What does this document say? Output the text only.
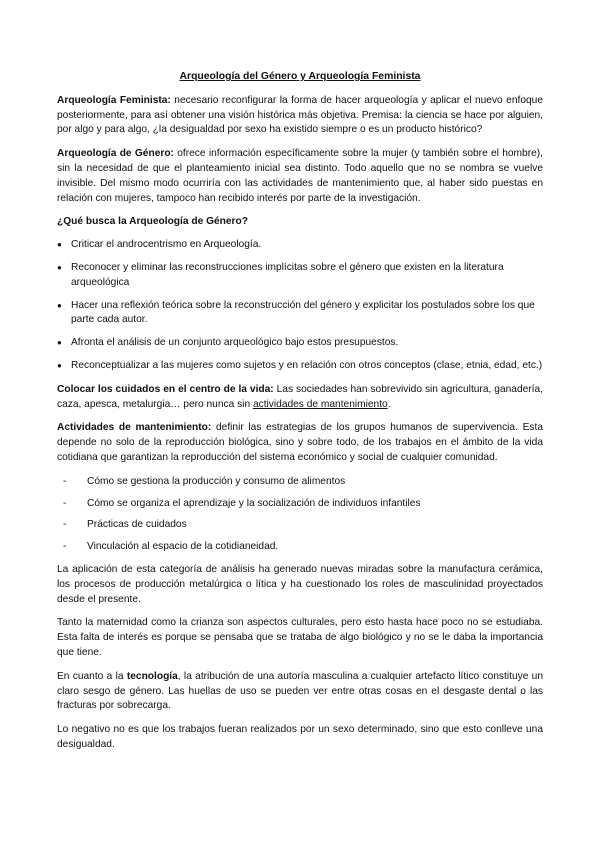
Arqueología del Género y Arqueología Feminista

Arqueología Feminista: necesario reconfigurar la forma de hacer arqueología y aplicar el nuevo enfoque posteriormente, para así obtener una visión histórica más objetiva. Premisa: la ciencia se hace por alguien, por algo y para algo, ¿la desigualdad por sexo ha existido siempre o es un producto histórico?

Arqueología de Género: ofrece información específicamente sobre la mujer (y también sobre el hombre), sin la necesidad de que el planteamiento inicial sea distinto. Todo aquello que no se nombra se vuelve invisible. Del mismo modo ocurriría con las actividades de mantenimiento que, al haber sido puestas en relación con mujeres, tampoco han recibido interés por parte de la investigación.

¿Qué busca la Arqueología de Género?
● Criticar el androcentrismo en Arqueología.
● Reconocer y eliminar las reconstrucciones implícitas sobre el género que existen en la literatura arqueológica
● Hacer una reflexión teórica sobre la reconstrucción del género y explicitar los postulados sobre los que parte cada autor.
● Afronta el análisis de un conjunto arqueológico bajo estos presupuestos.
● Reconceptualizar a las mujeres como sujetos y en relación con otros conceptos (clase, etnia, edad, etc.)

Colocar los cuidados en el centro de la vida: Las sociedades han sobrevivido sin agricultura, ganadería, caza, apesca, metalurgia… pero nunca sin actividades de mantenimiento.

Actividades de mantenimiento: definir las estrategias de los grupos humanos de supervivencia. Esta depende no solo de la reproducción biológica, sino y sobre todo, de los trabajos en el ámbito de la vida cotidiana que garantizan la reproducción del sistema económico y social de cualquier comunidad.

- Cómo se gestiona la producción y consumo de alimentos
- Cómo se organiza el aprendizaje y la socialización de individuos infantiles
- Prácticas de cuidados
- Vinculación al espacio de la cotidianeidad.

La aplicación de esta categoría de análisis ha generado nuevas miradas sobre la manufactura cerámica, los procesos de producción metalúrgica o lítica y ha cuestionado los roles de masculinidad proyectados desde el presente.

Tanto la maternidad como la crianza son aspectos culturales, pero esto hasta hace poco no se estudiaba. Esta falta de interés es porque se pensaba que se trataba de algo biológico y no se le daba la importancia que tiene.

En cuanto a la tecnología, la atribución de una autoría masculina a cualquier artefacto lítico constituye un claro sesgo de género. Las huellas de uso se pueden ver entre otras cosas en el desgaste dental o las fracturas por sobrecarga.

Lo negativo no es que los trabajos fueran realizados por un sexo determinado, sino que esto conlleve una desigualdad.
